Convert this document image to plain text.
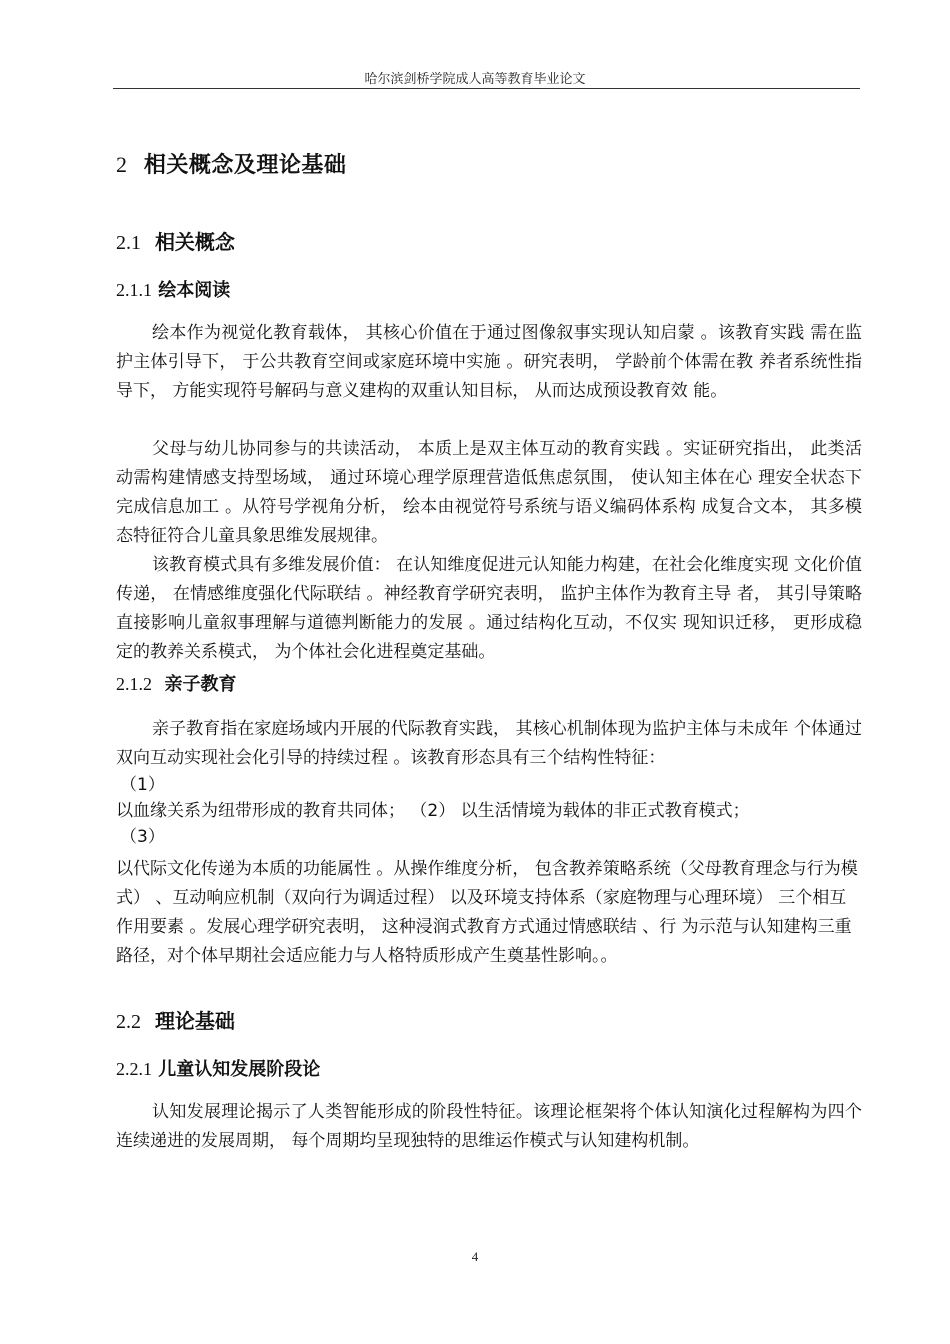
哈尔滨剑桥学院成人高等教育毕业论文
2 相关概念及理论基础
2.1 相关概念
2.1.1 绘本阅读

绘本作为视觉化教育载体， 其核心价值在于通过图像叙事实现认知启蒙 。该教育实践 需在监护主体引导下， 于公共教育空间或家庭环境中实施 。研究表明， 学龄前个体需在教 养者系统性指导下， 方能实现符号解码与意义建构的双重认知目标， 从而达成预设教育效 能。

父母与幼儿协同参与的共读活动， 本质上是双主体互动的教育实践 。实证研究指出， 此类活动需构建情感支持型场域， 通过环境心理学原理营造低焦虑氛围， 使认知主体在心 理安全状态下完成信息加工 。从符号学视角分析， 绘本由视觉符号系统与语义编码体系构 成复合文本， 其多模态特征符合儿童具象思维发展规律。

该教育模式具有多维发展价值： 在认知维度促进元认知能力构建，在社会化维度实现 文化价值传递， 在情感维度强化代际联结 。神经教育学研究表明， 监护主体作为教育主导 者， 其引导策略直接影响儿童叙事理解与道德判断能力的发展 。通过结构化互动，不仅实 现知识迁移， 更形成稳定的教养关系模式， 为个体社会化进程奠定基础。

2.1.2 亲子教育

亲子教育指在家庭场域内开展的代际教育实践， 其核心机制体现为监护主体与未成年 个体通过双向互动实现社会化引导的持续过程 。该教育形态具有三个结构性特征：

（1）

以血缘关系为纽带形成的教育共同体； （2） 以生活情境为载体的非正式教育模式；

（3）

以代际文化传递为本质的功能属性 。从操作维度分析， 包含教养策略系统（父母教育理念与行为模式） 、互动响应机制（双向行为调适过程） 以及环境支持体系（家庭物理与心理环境） 三个相互作用要素 。发展心理学研究表明， 这种浸润式教育方式通过情感联结 、行 为示范与认知建构三重路径，对个体早期社会适应能力与人格特质形成产生奠基性影响。。

2.2 理论基础
2.2.1 儿童认知发展阶段论

认知发展理论揭示了人类智能形成的阶段性特征。该理论框架将个体认知演化过程解构为四个连续递进的发展周期， 每个周期均呈现独特的思维运作模式与认知建构机制。

4
